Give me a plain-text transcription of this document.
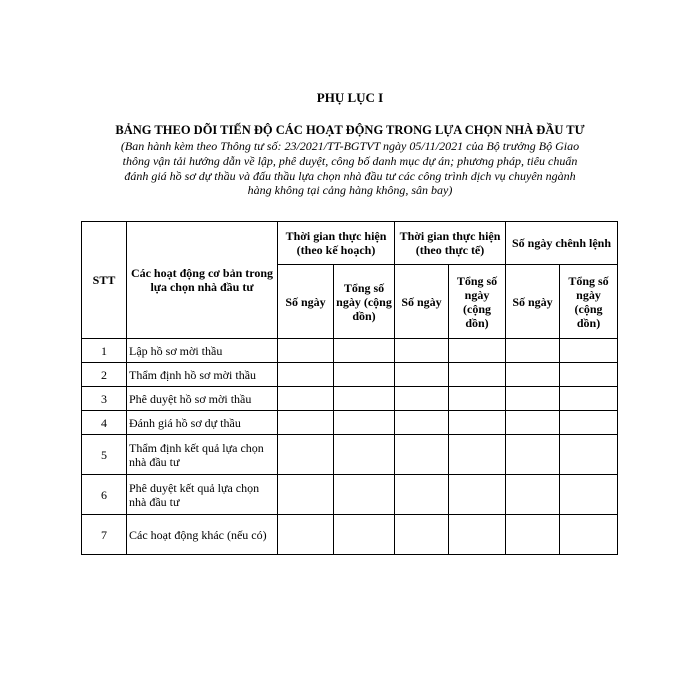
PHỤ LỤC I
BẢNG THEO DÕI TIẾN ĐỘ CÁC HOẠT ĐỘNG TRONG LỰA CHỌN NHÀ ĐẦU TƯ
(Ban hành kèm theo Thông tư số: 23/2021/TT-BGTVT ngày 05/11/2021 của Bộ trưởng Bộ Giao
thông vận tải hướng dẫn về lập, phê duyệt, công bố danh mục dự án; phương pháp, tiêu chuẩn
đánh giá hồ sơ dự thầu và đấu thầu lựa chọn nhà đầu tư các công trình dịch vụ chuyên ngành
hàng không tại cảng hàng không, sân bay)
STT	Các hoạt động cơ bản trong lựa chọn nhà đầu tư	Thời gian thực hiện (theo kế hoạch)		Thời gian thực hiện (theo thực tế)		Số ngày chênh lệnh	
		Số ngày	Tổng số ngày (cộng dồn)	Số ngày	Tổng số ngày (cộng dồn)	Số ngày	Tổng số ngày (cộng dồn)
1	Lập hồ sơ mời thầu						
2	Thẩm định hồ sơ mời thầu						
3	Phê duyệt hồ sơ mời thầu						
4	Đánh giá hồ sơ dự thầu						
5	Thẩm định kết quả lựa chọn nhà đầu tư						
6	Phê duyệt kết quả lựa chọn nhà đầu tư						
7	Các hoạt động khác (nếu có)						
